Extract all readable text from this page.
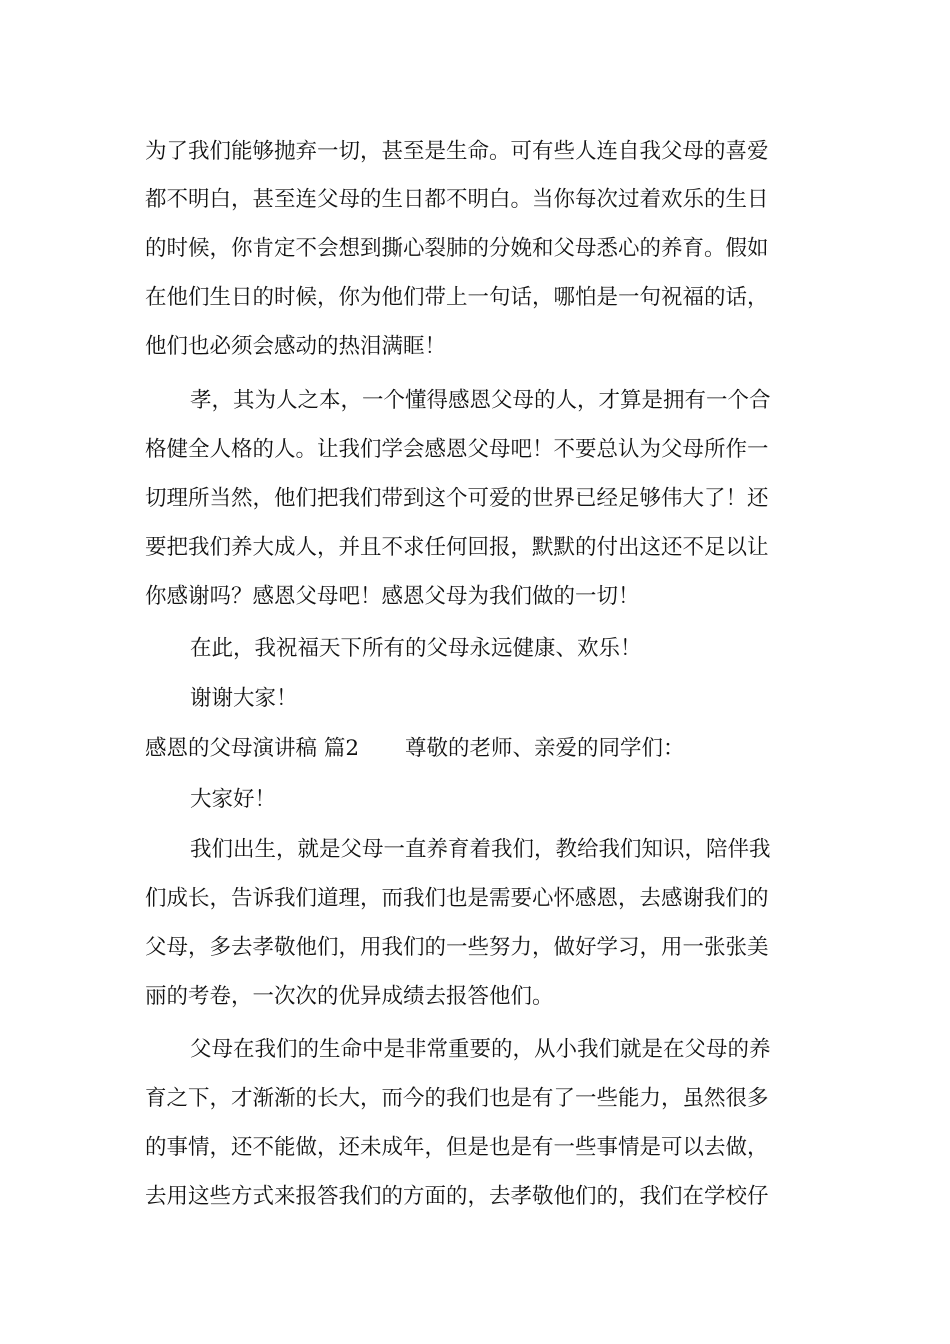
为了我们能够抛弃一切，甚至是生命。可有些人连自我父母的喜爱
都不明白，甚至连父母的生日都不明白。当你每次过着欢乐的生日
的时候，你肯定不会想到撕心裂肺的分娩和父母悉心的养育。假如
在他们生日的时候，你为他们带上一句话，哪怕是一句祝福的话，
他们也必须会感动的热泪满眶！
孝，其为人之本，一个懂得感恩父母的人，才算是拥有一个合
格健全人格的人。让我们学会感恩父母吧！不要总认为父母所作一
切理所当然，他们把我们带到这个可爱的世界已经足够伟大了！还
要把我们养大成人，并且不求任何回报，默默的付出这还不足以让
你感谢吗？感恩父母吧！感恩父母为我们做的一切！
在此，我祝福天下所有的父母永远健康、欢乐！
谢谢大家！
感恩的父母演讲稿 篇2 尊敬的老师、亲爱的同学们：
大家好！
我们出生，就是父母一直养育着我们，教给我们知识，陪伴我
们成长，告诉我们道理，而我们也是需要心怀感恩，去感谢我们的
父母，多去孝敬他们，用我们的一些努力，做好学习，用一张张美
丽的考卷，一次次的优异成绩去报答他们。
父母在我们的生命中是非常重要的，从小我们就是在父母的养
育之下，才渐渐的长大，而今的我们也是有了一些能力，虽然很多
的事情，还不能做，还未成年，但是也是有一些事情是可以去做，
去用这些方式来报答我们的方面的，去孝敬他们的，我们在学校仔
